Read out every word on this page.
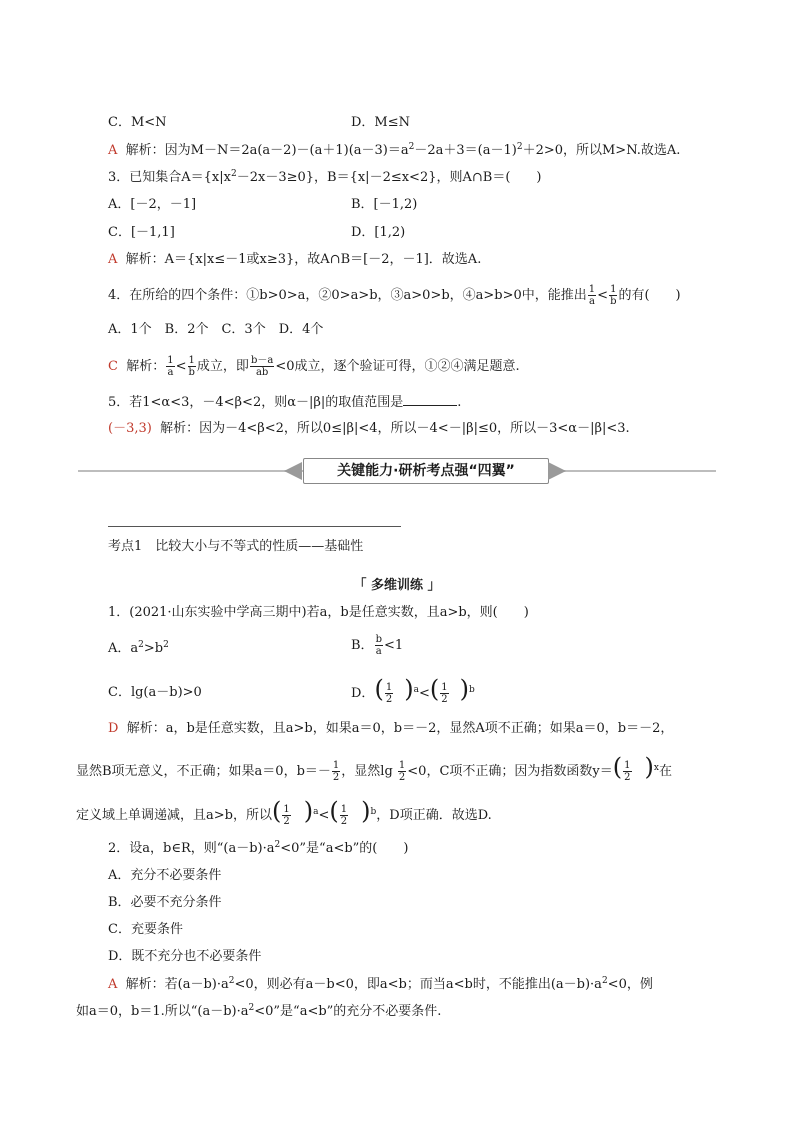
C．M<N	D．M≤N
A 解析：因为$M-N=2a(a-2)-(a+1)(a-3)=a^2-2a+3=(a-1)^2+2>0$，所以M>N.故选A.
3．已知集合$A=\{x|x^2-2x-3\ge 0\}$，B＝{x|－2≤x<2}，则A∩B＝(　　)
A．[－2，－1]	B．[－1,2)
C．[－1,1]	D．[1,2)
A 解析：A＝{x|x≤－1或x≥3}，故A∩B＝[－2，－1]．故选A.
4．在所给的四个条件：①b>0>a，②0>a>b，③a>0>b，④a>b>0中，能推出 $\frac{1}{a} < \frac{1}{b}$ 的有(　　)
A．1个　B．2个　C．3个　D．4个
C 解析： $\frac{1}{a} < \frac{1}{b}$ 成立，即 $\frac{b-a}{ab} <0$成立，逐个验证可得，①②④满足题意.
5．若1<α<3，－4<β<2，则α－|β|的取值范围是	.
(－3,3) 解析：因为－4<β<2，所以0≤|β|<4，所以－4<－|β|≤0，所以－3<α－|β|<3.
关键能力·研析考点强“四翼”
考点1　比较大小与不等式的性质——基础性
「 多维训练 」
1．(2021·山东实验中学高三期中)若a，b是任意实数，且a>b，则(　　)
A．$a^2>b^2$	B． $\frac{b}{a} <1$
C．lg(a－b)>0	D．( $\frac{1}{2} )^a<( \frac{1}{2} )^b$
D 解析：a，b是任意实数，且a>b，如果a＝0，b＝－2，显然A项不正确；如果a＝0，b＝－2，
显然B项无意义，不正确；如果a＝0，$b=- \frac{1}{2}$ ，显然$\lg \frac{1}{2} <0$，C项不正确；因为指数函数$y=( \frac{1}{2} )^x$在
定义域上单调递减，且a>b，所以( $\frac{1}{2} )^a<( \frac{1}{2} )^b$，D项正确．故选D.
2．设a，b∈R，则“$(a-b)\cdot a^2<0$”是“a<b”的(　　)
A．充分不必要条件
B．必要不充分条件
C．充要条件
D．既不充分也不必要条件
A 解析：若$(a-b)\cdot a^2<0$，则必有a－b<0，即a<b；而当a<b时，不能推出$(a-b)\cdot a^2<0$，例
如a＝0，b＝1.所以“$(a-b)\cdot a^2<0$”是“a<b”的充分不必要条件.
